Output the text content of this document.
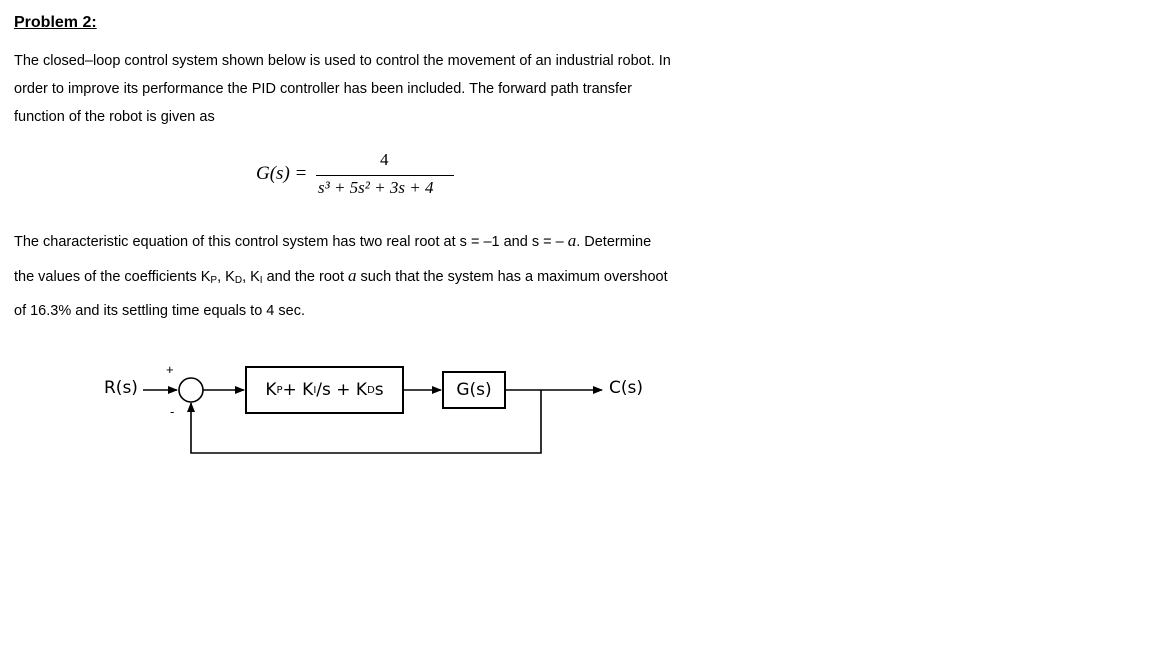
Problem 2:

The closed–loop control system shown below is used to control the movement of an industrial robot. In

order to improve its performance the PID controller has been included. The forward path transfer

function of the robot is given as

G(s) =
4
s³ + 5s² + 3s + 4

The characteristic equation of this control system has two real root at s = –1 and s = – a. Determine

the values of the coefficients $K_P$, $K_D$, $K_I$ and the root a such that the system has a maximum overshoot

of 16.3% and its settling time equals to 4 sec.

R(s)
+
-
K P + K I /s + K D s	G(s)	C(s)
